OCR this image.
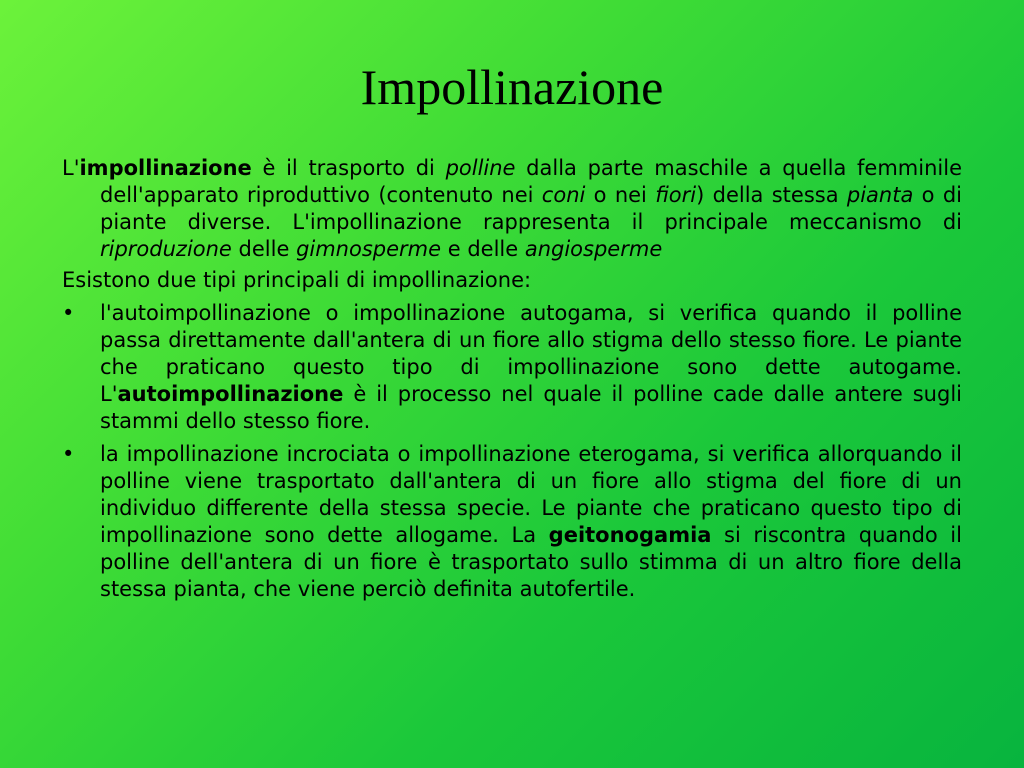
Impollinazione

L'impollinazione è il trasporto di polline dalla parte maschile a quella femminile dell'apparato riproduttivo (contenuto nei coni o nei fiori) della stessa pianta o di piante diverse. L'impollinazione rappresenta il principale meccanismo di riproduzione delle gimnosperme e delle angiosperme

Esistono due tipi principali di impollinazione:

•	l'autoimpollinazione o impollinazione autogama, si verifica quando il polline passa direttamente dall'antera di un fiore allo stigma dello stesso fiore. Le piante che praticano questo tipo di impollinazione sono dette autogame. L'autoimpollinazione è il processo nel quale il polline cade dalle antere sugli stammi dello stesso fiore.
•	la impollinazione incrociata o impollinazione eterogama, si verifica allorquando il polline viene trasportato dall'antera di un fiore allo stigma del fiore di un individuo differente della stessa specie. Le piante che praticano questo tipo di impollinazione sono dette allogame. La geitonogamia si riscontra quando il polline dell'antera di un fiore è trasportato sullo stimma di un altro fiore della stessa pianta, che viene perciò definita autofertile.
